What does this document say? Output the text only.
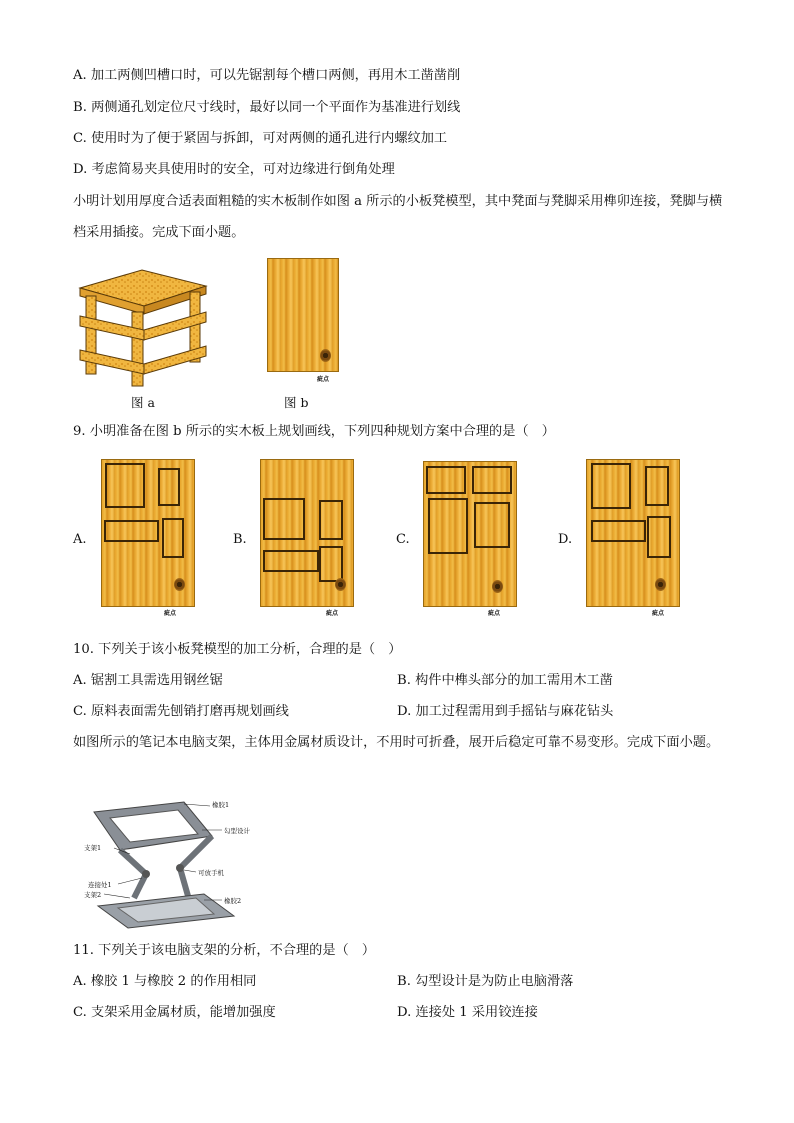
A. 加工两侧凹槽口时，可以先锯割每个槽口两侧，再用木工凿凿削
B. 两侧通孔划定位尺寸线时，最好以同一个平面作为基准进行划线
C. 使用时为了便于紧固与拆卸，可对两侧的通孔进行内螺纹加工
D. 考虑简易夹具使用时的安全，可对边缘进行倒角处理
小明计划用厚度合适表面粗糙的实木板制作如图 a 所示的小板凳模型，其中凳面与凳脚采用榫卯连接，凳脚与横档采用插接。完成下面小题。
图 a
疵点
图 b
9. 小明准备在图 b 所示的实木板上规划画线，下列四种规划方案中合理的是（　）
A.
疵点
B.
疵点
C.
疵点
D.
疵点
10. 下列关于该小板凳模型的加工分析，合理的是（　）
A. 锯割工具需选用钢丝锯	B. 构件中榫头部分的加工需用木工凿
C. 原料表面需先刨销打磨再规划画线	D. 加工过程需用到手摇钻与麻花钻头
如图所示的笔记本电脑支架，主体用金属材质设计，不用时可折叠，展开后稳定可靠不易变形。完成下面小题。
橡胶1
勾型设计
支架1
可放手机
连接处1
支架2
橡胶2
11. 下列关于该电脑支架的分析，不合理的是（　）
A. 橡胶 1 与橡胶 2 的作用相同	B. 勾型设计是为防止电脑滑落
C. 支架采用金属材质，能增加强度	D. 连接处 1 采用铰连接
